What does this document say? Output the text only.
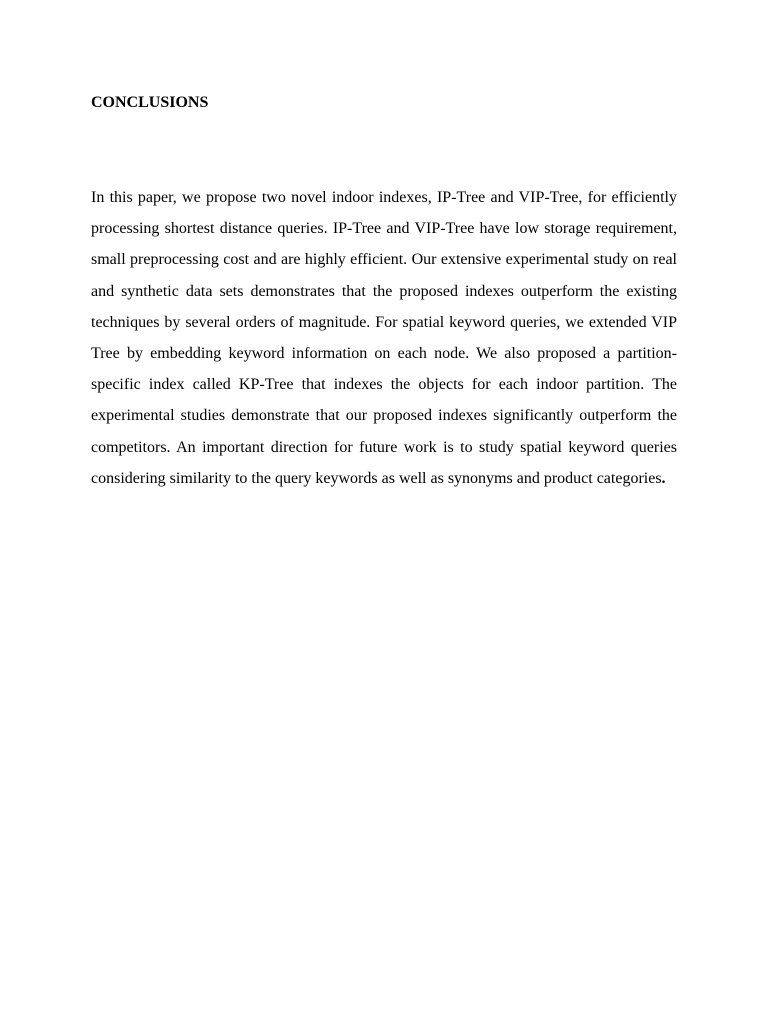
CONCLUSIONS

In this paper, we propose two novel indoor indexes, IP-Tree and VIP-Tree, for efficiently processing shortest distance queries. IP-Tree and VIP-Tree have low storage requirement, small preprocessing cost and are highly efficient. Our extensive experimental study on real and synthetic data sets demonstrates that the proposed indexes outperform the existing techniques by several orders of magnitude. For spatial keyword queries, we extended VIP Tree by embedding keyword information on each node. We also proposed a partition-specific index called KP-Tree that indexes the objects for each indoor partition. The experimental studies demonstrate that our proposed indexes significantly outperform the competitors. An important direction for future work is to study spatial keyword queries considering similarity to the query keywords as well as synonyms and product categories.
